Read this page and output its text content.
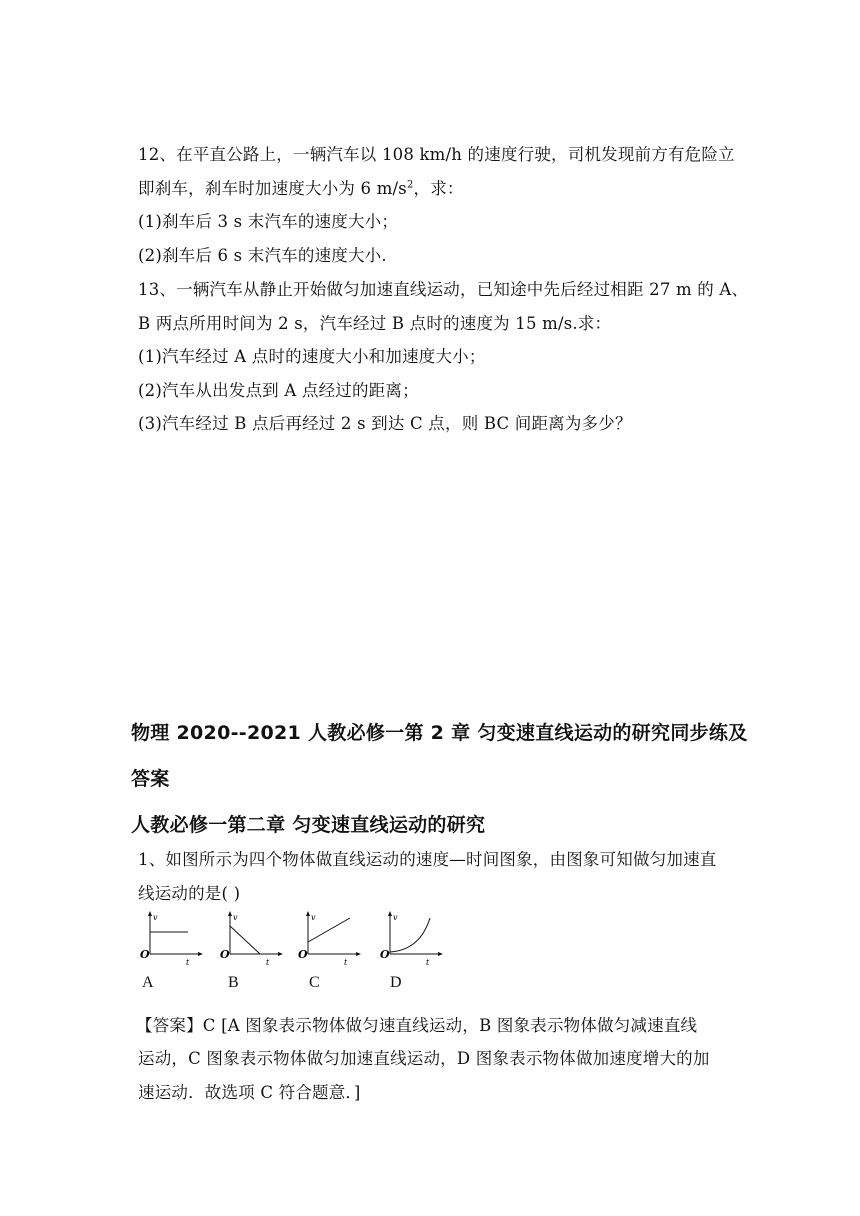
12、在平直公路上，一辆汽车以 108 km/h 的速度行驶，司机发现前方有危险立
即刹车，刹车时加速度大小为 6 $m/s^2$，求：
(1)刹车后 3 s 末汽车的速度大小；
(2)刹车后 6 s 末汽车的速度大小.
13、一辆汽车从静止开始做匀加速直线运动，已知途中先后经过相距 27 m 的 A、
B 两点所用时间为 2 s，汽车经过 B 点时的速度为 15 m/s.求：
(1)汽车经过 A 点时的速度大小和加速度大小；
(2)汽车从出发点到 A 点经过的距离；
(3)汽车经过 B 点后再经过 2 s 到达 C 点，则 BC 间距离为多少？
物理 2020--2021 人教必修一第 2 章 匀变速直线运动的研究同步练及
答案
人教必修一第二章 匀变速直线运动的研究
1、如图所示为四个物体做直线运动的速度—时间图象，由图象可知做匀加速直
线运动的是( )
v
O
t
v
O
t
v
O
t
v
O
t
A	B	C	D
【答案】C [A 图象表示物体做匀速直线运动，B 图象表示物体做匀减速直线
运动，C 图象表示物体做匀加速直线运动，D 图象表示物体做加速度增大的加
速运动．故选项 C 符合题意．]
